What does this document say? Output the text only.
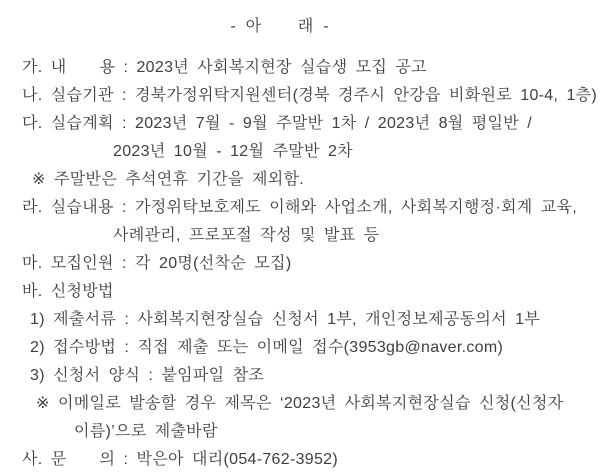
- 아    래 -
가. 내    용 : 2023년 사회복지현장 실습생 모집 공고
나. 실습기관 : 경북가정위탁지원센터(경북 경주시 안강읍 비화원로 10-4, 1층)
다. 실습계획 : 2023년 7월 - 9월 주말반 1차 / 2023년 8월 평일반 /
2023년 10월 - 12월 주말반 2차
※ 주말반은 추석연휴 기간을 제외함.
라. 실습내용 : 가정위탁보호제도 이해와 사업소개, 사회복지행정·회계 교육,
사례관리, 프로포절 작성 및 발표 등
마. 모집인원 : 각 20명(선착순 모집)
바. 신청방법
1) 제출서류 : 사회복지현장실습 신청서 1부, 개인정보제공동의서 1부
2) 접수방법 : 직접 제출 또는 이메일 접수(3953gb@naver.com)
3) 신청서 양식 : 붙임파일 참조
※ 이메일로 발송할 경우 제목은 ‘2023년 사회복지현장실습 신청(신청자
이름)’으로 제출바람
사. 문    의 : 박은아 대리(054-762-3952)
